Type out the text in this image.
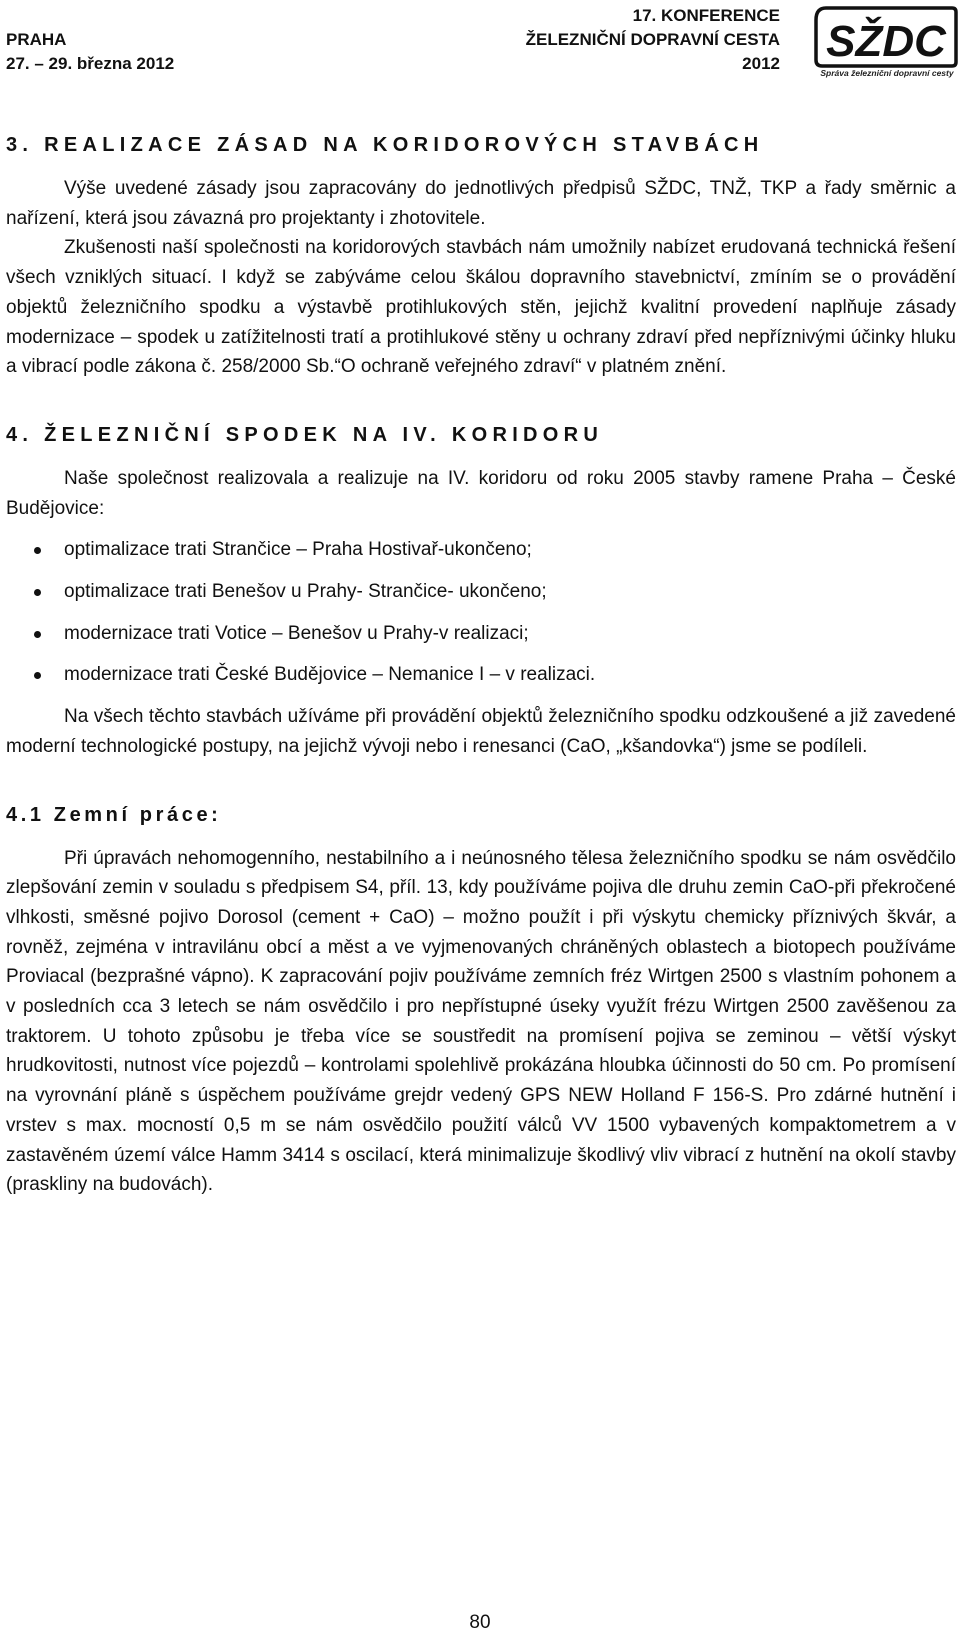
PRAHA
27. – 29. března 2012
17. KONFERENCE
ŽELEZNIČNÍ DOPRAVNÍ CESTA
2012 SŽDC
Správa železniční dopravní cesty
3. REALIZACE ZÁSAD NA KORIDOROVÝCH STAVBÁCH

Výše uvedené zásady jsou zapracovány do jednotlivých předpisů SŽDC, TNŽ, TKP a řady směrnic a nařízení, která jsou závazná pro projektanty i zhotovitele.

Zkušenosti naší společnosti na koridorových stavbách nám umožnily nabízet erudovaná technická řešení všech vzniklých situací. I když se zabýváme celou škálou dopravního stavebnictví, zmíním se o provádění objektů železničního spodku a výstavbě protihlukových stěn, jejichž kvalitní provedení naplňuje zásady modernizace – spodek u zatížitelnosti tratí a protihlukové stěny u ochrany zdraví před nepříznivými účinky hluku a vibrací podle zákona č. 258/2000 Sb.“O ochraně veřejného zdraví“ v platném znění.

4. ŽELEZNIČNÍ SPODEK NA IV. KORIDORU

Naše společnost realizovala a realizuje na IV. koridoru od roku 2005 stavby ramene Praha – České Budějovice:

optimalizace trati Strančice – Praha Hostivař-ukončeno;
optimalizace trati Benešov u Prahy- Strančice- ukončeno;
modernizace trati Votice – Benešov u Prahy-v realizaci;
modernizace trati České Budějovice – Nemanice I – v realizaci.

Na všech těchto stavbách užíváme při provádění objektů železničního spodku odzkoušené a již zavedené moderní technologické postupy, na jejichž vývoji nebo i renesanci (CaO, „kšandovka“) jsme se podíleli.

4.1 Zemní práce:

Při úpravách nehomogenního, nestabilního a i neúnosného tělesa železničního spodku se nám osvědčilo zlepšování zemin v souladu s předpisem S4, příl. 13, kdy používáme pojiva dle druhu zemin CaO-při překročené vlhkosti, směsné pojivo Dorosol (cement + CaO) – možno použít i při výskytu chemicky příznivých škvár, a rovněž, zejména v intravilánu obcí a měst a ve vyjmenovaných chráněných oblastech a biotopech používáme Proviacal (bezprašné vápno). K zapracování pojiv používáme zemních fréz Wirtgen 2500 s vlastním pohonem a v posledních cca 3 letech se nám osvědčilo i pro nepřístupné úseky využít frézu Wirtgen 2500 zavěšenou za traktorem. U tohoto způsobu je třeba více se soustředit na promísení pojiva se zeminou – větší výskyt hrudkovitosti, nutnost více pojezdů – kontrolami spolehlivě prokázána hloubka účinnosti do 50 cm. Po promísení na vyrovnání pláně s úspěchem používáme grejdr vedený GPS NEW Holland F 156-S. Pro zdárné hutnění i vrstev s max. mocností 0,5 m se nám osvědčilo použití válců VV 1500 vybavených kompaktometrem a v zastavěném území válce Hamm 3414 s oscilací, která minimalizuje škodlivý vliv vibrací z hutnění na okolí stavby (praskliny na budovách).

80
